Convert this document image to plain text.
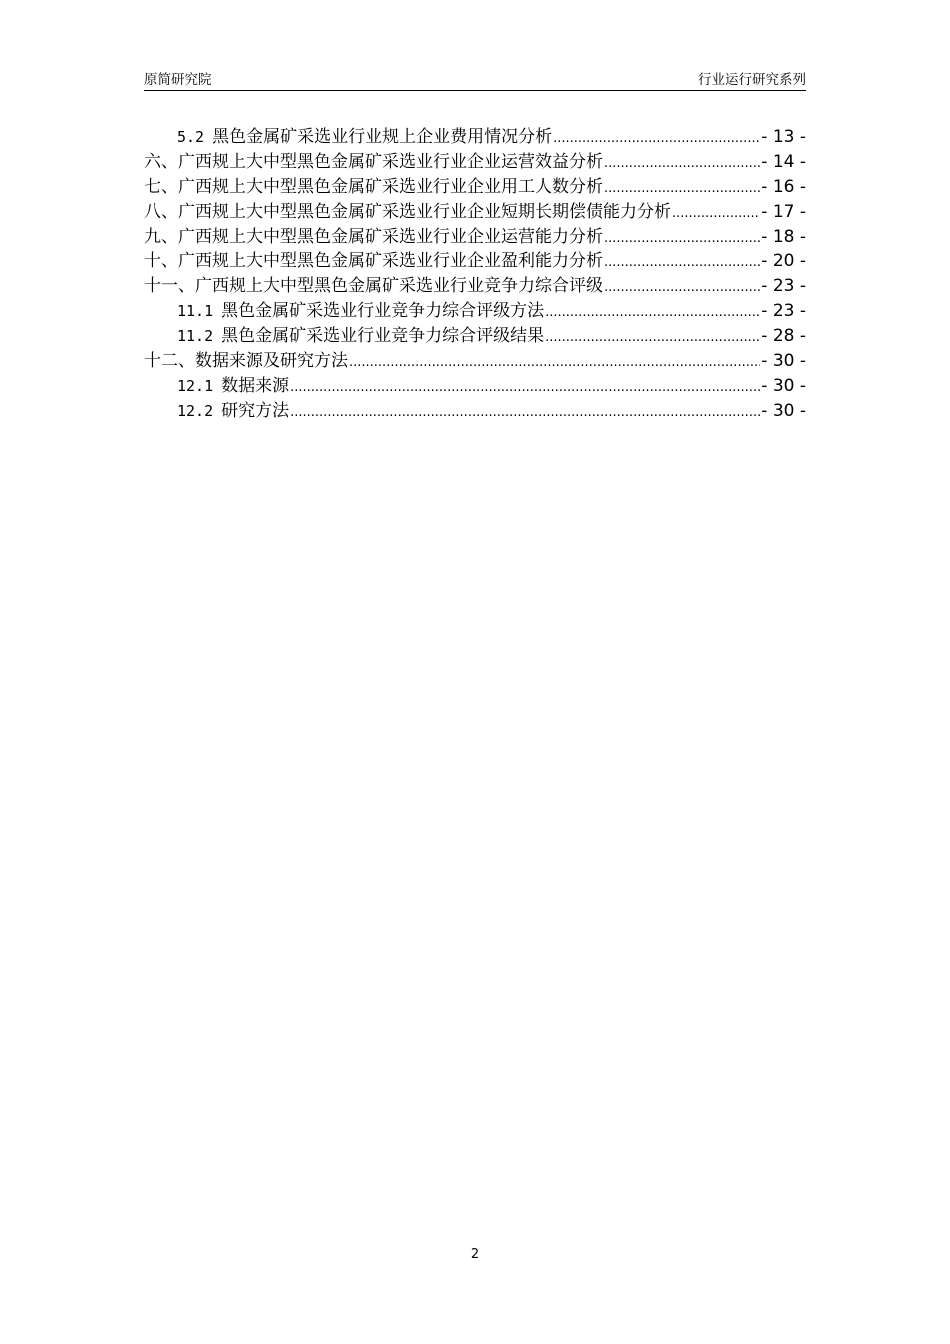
原简研究院	行业运行研究系列
5.2 黑色金属矿采选业行业规上企业费用情况分析 .....	- 13 -
六、广西规上大中型黑色金属矿采选业行业企业运营效益分析 .....	- 14 -
七、广西规上大中型黑色金属矿采选业行业企业用工人数分析 .....	- 16 -
八、广西规上大中型黑色金属矿采选业行业企业短期长期偿债能力分析 .....	- 17 -
九、广西规上大中型黑色金属矿采选业行业企业运营能力分析 .....	- 18 -
十、广西规上大中型黑色金属矿采选业行业企业盈利能力分析 .....	- 20 -
十一、广西规上大中型黑色金属矿采选业行业竞争力综合评级 .....	- 23 -
11.1 黑色金属矿采选业行业竞争力综合评级方法 .....	- 23 -
11.2 黑色金属矿采选业行业竞争力综合评级结果 .....	- 28 -
十二、数据来源及研究方法 .....	- 30 -
12.1 数据来源 .....	- 30 -
12.2 研究方法 .....	- 30 -
2
